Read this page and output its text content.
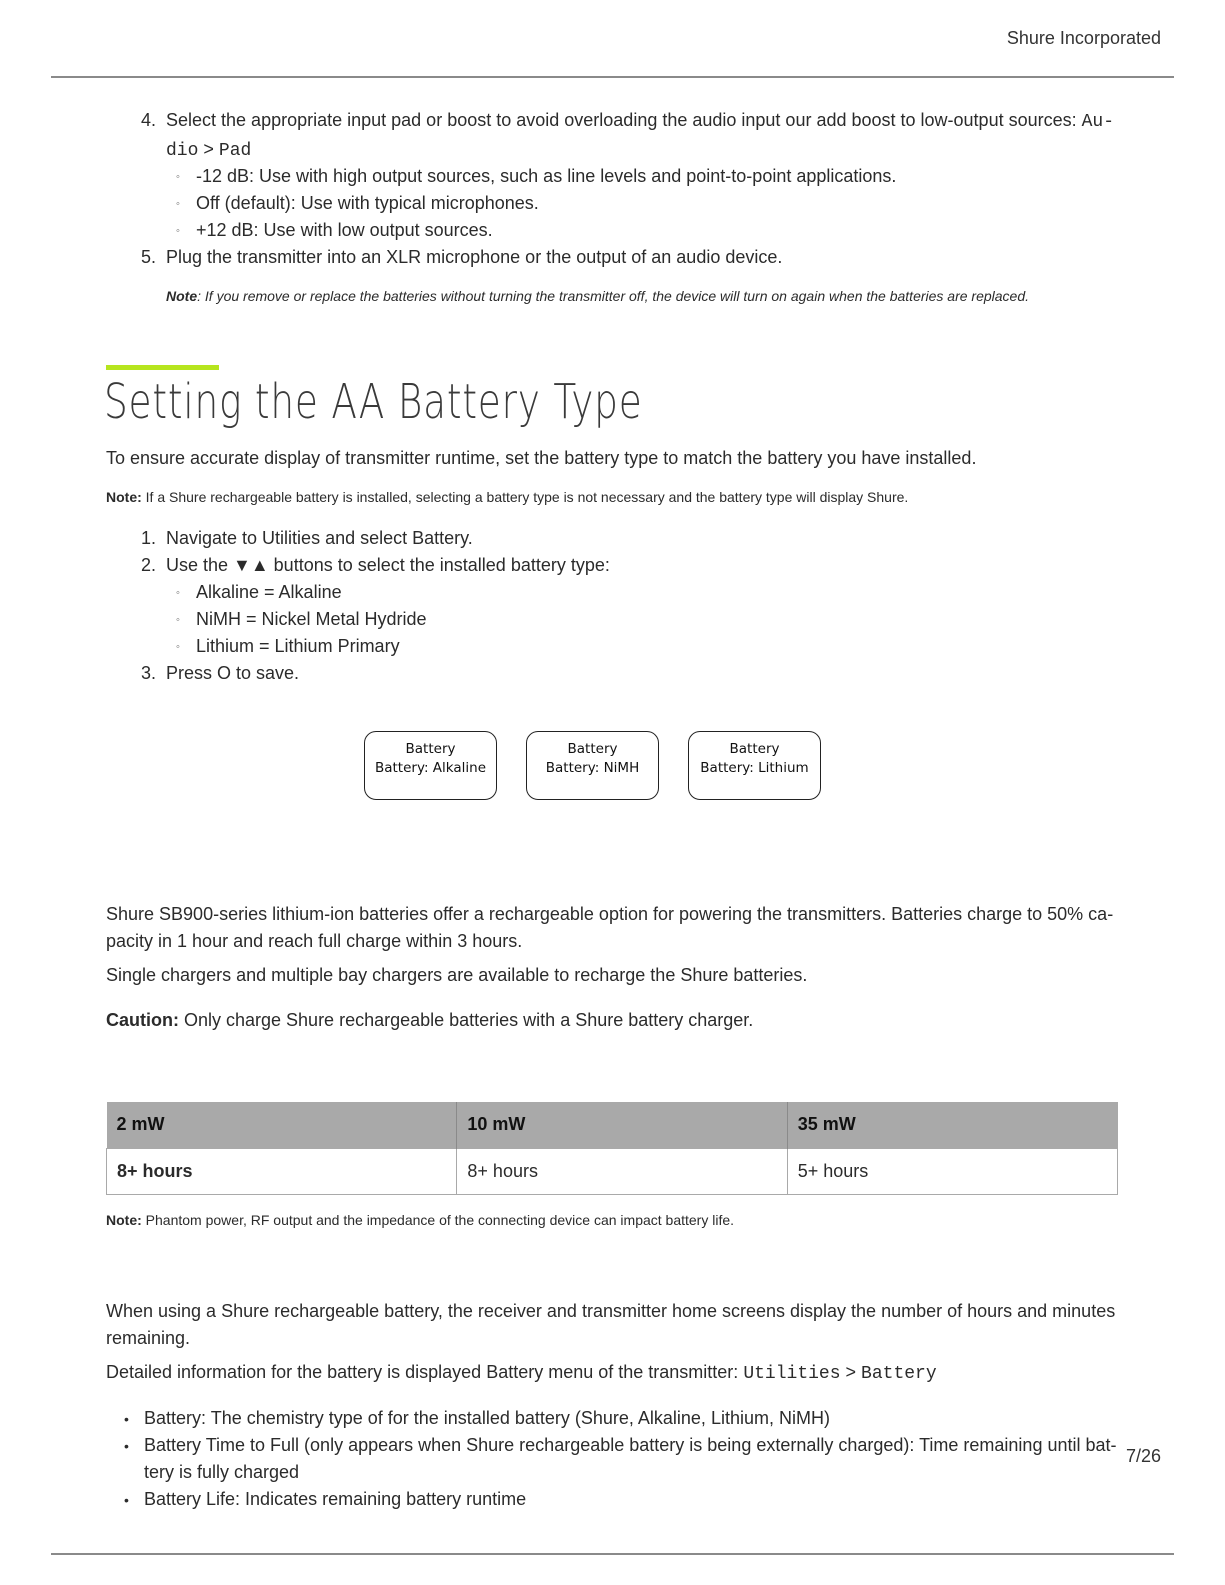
Shure Incorporated
4. Select the appropriate input pad or boost to avoid overloading the audio input our add boost to low-output sources: Au-
dio > Pad
◦ -12 dB: Use with high output sources, such as line levels and point-to-point applications.
◦ Off (default): Use with typical microphones.
◦ +12 dB: Use with low output sources.
5. Plug the transmitter into an XLR microphone or the output of an audio device.
Note: If you remove or replace the batteries without turning the transmitter off, the device will turn on again when the batteries are replaced.
Setting the AA Battery Type
To ensure accurate display of transmitter runtime, set the battery type to match the battery you have installed.
Note: If a Shure rechargeable battery is installed, selecting a battery type is not necessary and the battery type will display Shure.
1. Navigate to Utilities and select Battery.
2. Use the ▼▲ buttons to select the installed battery type:
◦ Alkaline = Alkaline
◦ NiMH = Nickel Metal Hydride
◦ Lithium = Lithium Primary
3. Press O to save.
Battery
Battery: Alkaline
Battery
Battery: NiMH
Battery
Battery: Lithium
Shure SB900-series lithium-ion batteries offer a rechargeable option for powering the transmitters. Batteries charge to 50% ca-
pacity in 1 hour and reach full charge within 3 hours.
Single chargers and multiple bay chargers are available to recharge the Shure batteries.
Caution: Only charge Shure rechargeable batteries with a Shure battery charger.
2 mW	10 mW	35 mW
8+ hours	8+ hours	5+ hours
Note: Phantom power, RF output and the impedance of the connecting device can impact battery life.
When using a Shure rechargeable battery, the receiver and transmitter home screens display the number of hours and minutes
remaining.
Detailed information for the battery is displayed Battery menu of the transmitter: Utilities > Battery
• Battery: The chemistry type of for the installed battery (Shure, Alkaline, Lithium, NiMH)
• Battery Time to Full (only appears when Shure rechargeable battery is being externally charged): Time remaining until bat-
tery is fully charged
• Battery Life: Indicates remaining battery runtime
7/26
